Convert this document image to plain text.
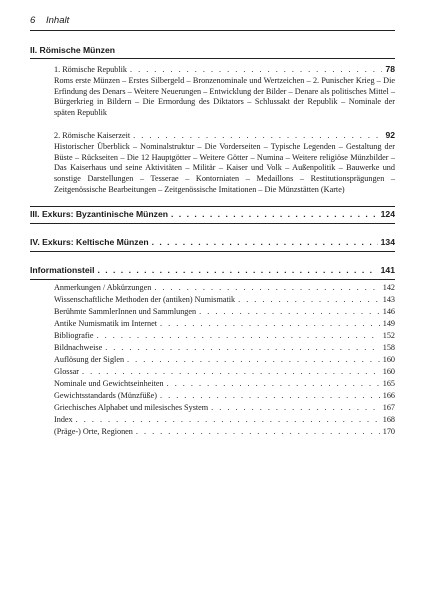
6 Inhalt
II. Römische Münzen
1. Römische Republik . . .	78
Roms erste Münzen – Erstes Silbergeld – Bronzenominale und Wertzeichen – 2. Punischer Krieg – Die Erfindung des Denars – Weitere Neuerungen – Entwicklung der Bilder – Denare als politisches Mittel – Bürgerkrieg in Bildern – Die Ermordung des Diktators – Schlussakt der Republik – Nominale der späten Republik
2. Römische Kaiserzeit . . .	92
Historischer Überblick – Nominalstruktur – Die Vorderseiten – Typische Legenden – Gestaltung der Büste – Rückseiten – Die 12 Hauptgötter – Weitere Götter – Numina – Weitere religiöse Münzbilder – Das Kaiserhaus und seine Aktivitäten – Militär – Kaiser und Volk – Außenpolitik – Bauwerke und sonstige Darstellungen – Tesserae – Kontorniaten – Medaillons – Restitutionsprägungen – Zeitgenössische Bearbeitungen – Zeitgenössische Imitationen – Die Münzstätten (Karte)
III. Exkurs: Byzantinische Münzen . . .	124
IV. Exkurs: Keltische Münzen . . .	134
Informationsteil . . .	141
Anmerkungen / Abkürzungen . . .	142
Wissenschaftliche Methoden der (antiken) Numismatik . . .	143
Berühmte SammlerInnen und Sammlungen . . .	146
Antike Numismatik im Internet . . .	149
Bibliografie . . .	152
Bildnachweise . . .	158
Auflösung der Siglen . . .	160
Glossar . . .	160
Nominale und Gewichtseinheiten . . .	165
Gewichtsstandards (Münzfüße) . . .	166
Griechisches Alphabet und milesisches System . . .	167
Index . . .	168
(Präge-) Orte, Regionen . . .	170
